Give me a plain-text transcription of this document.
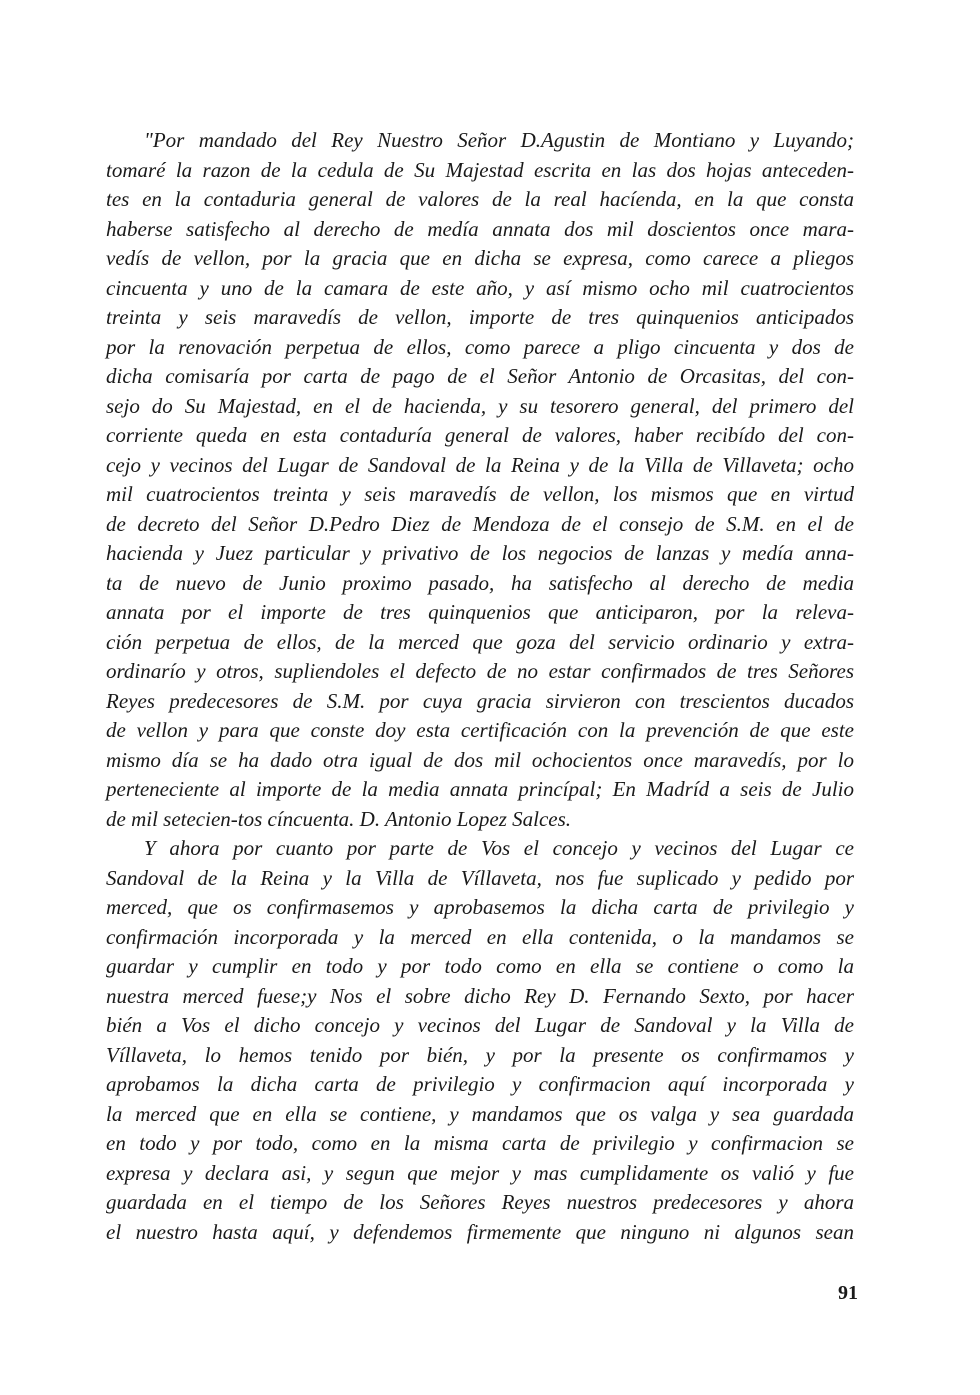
"Por mandado del Rey Nuestro Señor D.Agustin de Montiano y Luyando;
tomaré la razon de la cedula de Su Majestad escrita en las dos hojas anteceden-
tes en la contaduria general de valores de la real hacíenda, en la que consta
haberse satisfecho al derecho de medía annata dos mil doscientos once mara-
vedís de vellon, por la gracia que en dicha se expresa, como carece a pliegos
cincuenta y uno de la camara de este año, y así mismo ocho mil cuatrocientos
treinta y seis maravedís de vellon, importe de tres quinquenios anticipados
por la renovación perpetua de ellos, como parece a pligo cincuenta y dos de
dicha comisaría por carta de pago de el Señor Antonio de Orcasitas, del con-
sejo do Su Majestad, en el de hacienda, y su tesorero general, del primero del
corriente queda en esta contaduría general de valores, haber recibído del con-
cejo y vecinos del Lugar de Sandoval de la Reina y de la Villa de Villaveta; ocho
mil cuatrocientos treinta y seis maravedís de vellon, los mismos que en virtud
de decreto del Señor D.Pedro Diez de Mendoza de el consejo de S.M. en el de
hacienda y Juez particular y privativo de los negocios de lanzas y medía anna-
ta de nuevo de Junio proximo pasado, ha satisfecho al derecho de media
annata por el importe de tres quinquenios que anticiparon, por la releva-
ción perpetua de ellos, de la merced que goza del servicio ordinario y extra-
ordinarío y otros, supliendoles el defecto de no estar confirmados de tres Señores
Reyes predecesores de S.M. por cuya gracia sirvieron con trescientos ducados
de vellon y para que conste doy esta certificación con la prevención de que este
mismo día se ha dado otra igual de dos mil ochocientos once maravedís, por lo
perteneciente al importe de la media annata princípal; En Madríd a seis de Julio
de mil setecien-tos cíncuenta. D. Antonio Lopez Salces.
Y ahora por cuanto por parte de Vos el concejo y vecinos del Lugar ce
Sandoval de la Reina y la Villa de Víllaveta, nos fue suplicado y pedido por
merced, que os confirmasemos y aprobasemos la dicha carta de privilegio y
confirmación incorporada y la merced en ella contenida, o la mandamos se
guardar y cumplir en todo y por todo como en ella se contiene o como la
nuestra merced fuese;y Nos el sobre dicho Rey D. Fernando Sexto, por hacer
bién a Vos el dicho concejo y vecinos del Lugar de Sandoval y la Villa de
Víllaveta, lo hemos tenido por bién, y por la presente os confirmamos y
aprobamos la dicha carta de privilegio y confirmacion aquí incorporada y
la merced que en ella se contiene, y mandamos que os valga y sea guardada
en todo y por todo, como en la misma carta de privilegio y confirmacion se
expresa y declara asi, y segun que mejor y mas cumplidamente os valió y fue
guardada en el tiempo de los Señores Reyes nuestros predecesores y ahora
el nuestro hasta aquí, y defendemos firmemente que ninguno ni algunos sean
91
